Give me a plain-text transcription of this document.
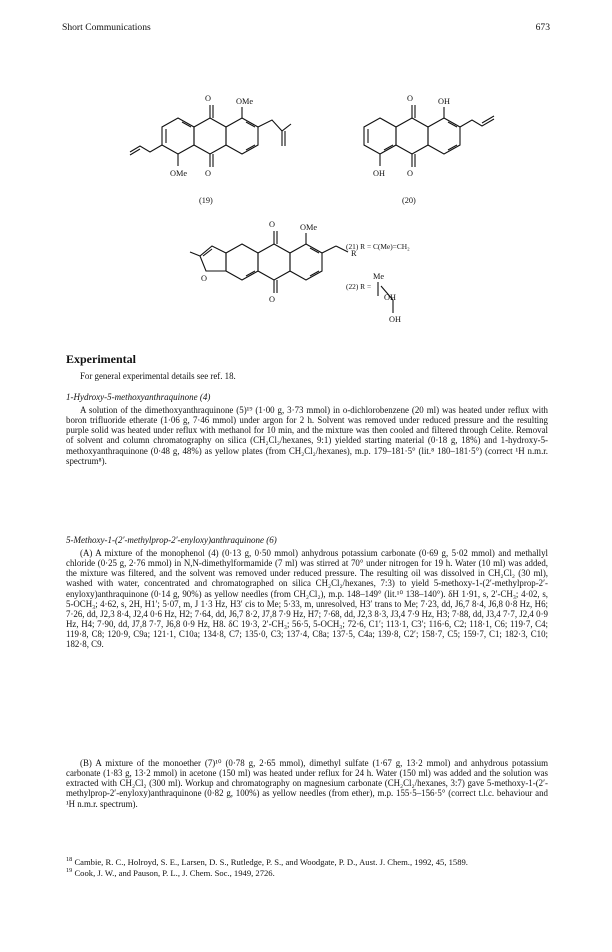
Short Communications	673
O	OMe
O
OMe
O	OH
O
OH
O	OMe
O
O
R
Me
OH
OH
(19)	(20)
(21) R = C(Me)=CH₂
(22) R =
Experimental

For general experimental details see ref. 18.

1-Hydroxy-5-methoxyanthraquinone (4)

A solution of the dimethoxyanthraquinone (5)¹⁹ (1·00 g, 3·73 mmol) in o-dichlorobenzene (20 ml) was heated under reflux with boron trifluoride etherate (1·06 g, 7·46 mmol) under argon for 2 h. Solvent was removed under reduced pressure and the resulting purple solid was heated under reflux with methanol for 10 min, and the mixture was then cooled and filtered through Celite. Removal of solvent and column chromatography on silica (CH₂Cl₂/hexanes, 9:1) yielded starting material (0·18 g, 18%) and 1-hydroxy-5-methoxyanthraquinone (0·48 g, 48%) as yellow plates (from CH₂Cl₂/hexanes), m.p. 179–181·5° (lit.⁸ 180–181·5°) (correct ¹H n.m.r. spectrum⁸).

5-Methoxy-1-(2′-methylprop-2′-enyloxy)anthraquinone (6)

(A) A mixture of the monophenol (4) (0·13 g, 0·50 mmol) anhydrous potassium carbonate (0·69 g, 5·02 mmol) and methallyl chloride (0·25 g, 2·76 mmol) in N,N-dimethylformamide (7 ml) was stirred at 70° under nitrogen for 19 h. Water (10 ml) was added, the mixture was filtered, and the solvent was removed under reduced pressure. The resulting oil was dissolved in CH₂Cl₂ (30 ml), washed with water, concentrated and chromatographed on silica CH₂Cl₂/hexanes, 7:3) to yield 5-methoxy-1-(2′-methylprop-2′-enyloxy)anthraquinone (0·14 g, 90%) as yellow needles (from CH₂Cl₂), m.p. 148–149° (lit.¹⁰ 138–140°). δH 1·91, s, 2′-CH₃; 4·02, s, 5-OCH₃; 4·62, s, 2H, H1′; 5·07, m, J 1·3 Hz, H3′ cis to Me; 5·33, m, unresolved, H3′ trans to Me; 7·23, dd, J6,7 8·4, J6,8 0·8 Hz, H6; 7·26, dd, J2,3 8·4, J2,4 0·6 Hz, H2; 7·64, dd, J6,7 8·2, J7,8 7·9 Hz, H7; 7·68, dd, J2,3 8·3, J3,4 7·9 Hz, H3; 7·88, dd, J3,4 7·7, J2,4 0·9 Hz, H4; 7·90, dd, J7,8 7·7, J6,8 0·9 Hz, H8. δC 19·3, 2′-CH₃; 56·5, 5-OCH₃; 72·6, C1′; 113·1, C3′; 116·6, C2; 118·1, C6; 119·7, C4; 119·8, C8; 120·9, C9a; 121·1, C10a; 134·8, C7; 135·0, C3; 137·4, C8a; 137·5, C4a; 139·8, C2′; 158·7, C5; 159·7, C1; 182·3, C10; 182·8, C9.

(B) A mixture of the monoether (7)¹⁰ (0·78 g, 2·65 mmol), dimethyl sulfate (1·67 g, 13·2 mmol) and anhydrous potassium carbonate (1·83 g, 13·2 mmol) in acetone (150 ml) was heated under reflux for 24 h. Water (150 ml) was added and the solution was extracted with CH₂Cl₂ (300 ml). Workup and chromatography on magnesium carbonate (CH₂Cl₂/hexanes, 3:7) gave 5-methoxy-1-(2′-methylprop-2′-enyloxy)anthraquinone (0·82 g, 100%) as yellow needles (from ether), m.p. 155·5–156·5° (correct t.l.c. behaviour and ¹H n.m.r. spectrum).

$^{18}$ Cambie, R. C., Holroyd, S. E., Larsen, D. S., Rutledge, P. S., and Woodgate, P. D., Aust. J. Chem., 1992, 45, 1589.

$^{19}$ Cook, J. W., and Pauson, P. L., J. Chem. Soc., 1949, 2726.
